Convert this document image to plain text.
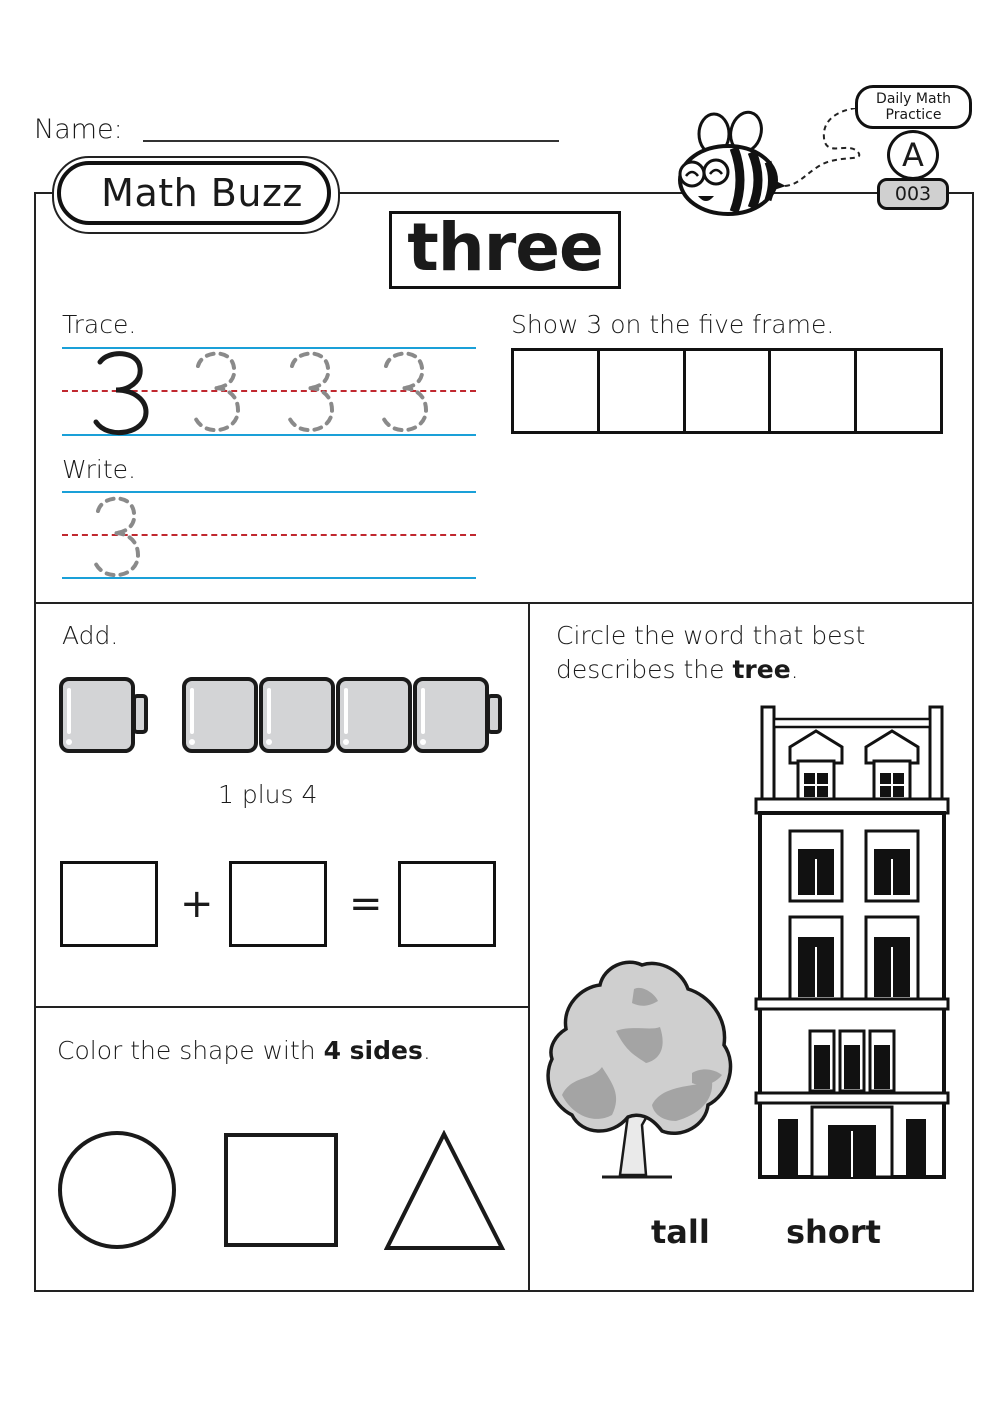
Name:
Math Buzz
three
Daily Math
Practice
A
003
Trace.
Write.
Show 3 on the five frame.
Add.
1 plus 4
+	=
Color the shape with 4 sides.
Circle the word that best
describes the tree.
tall short
